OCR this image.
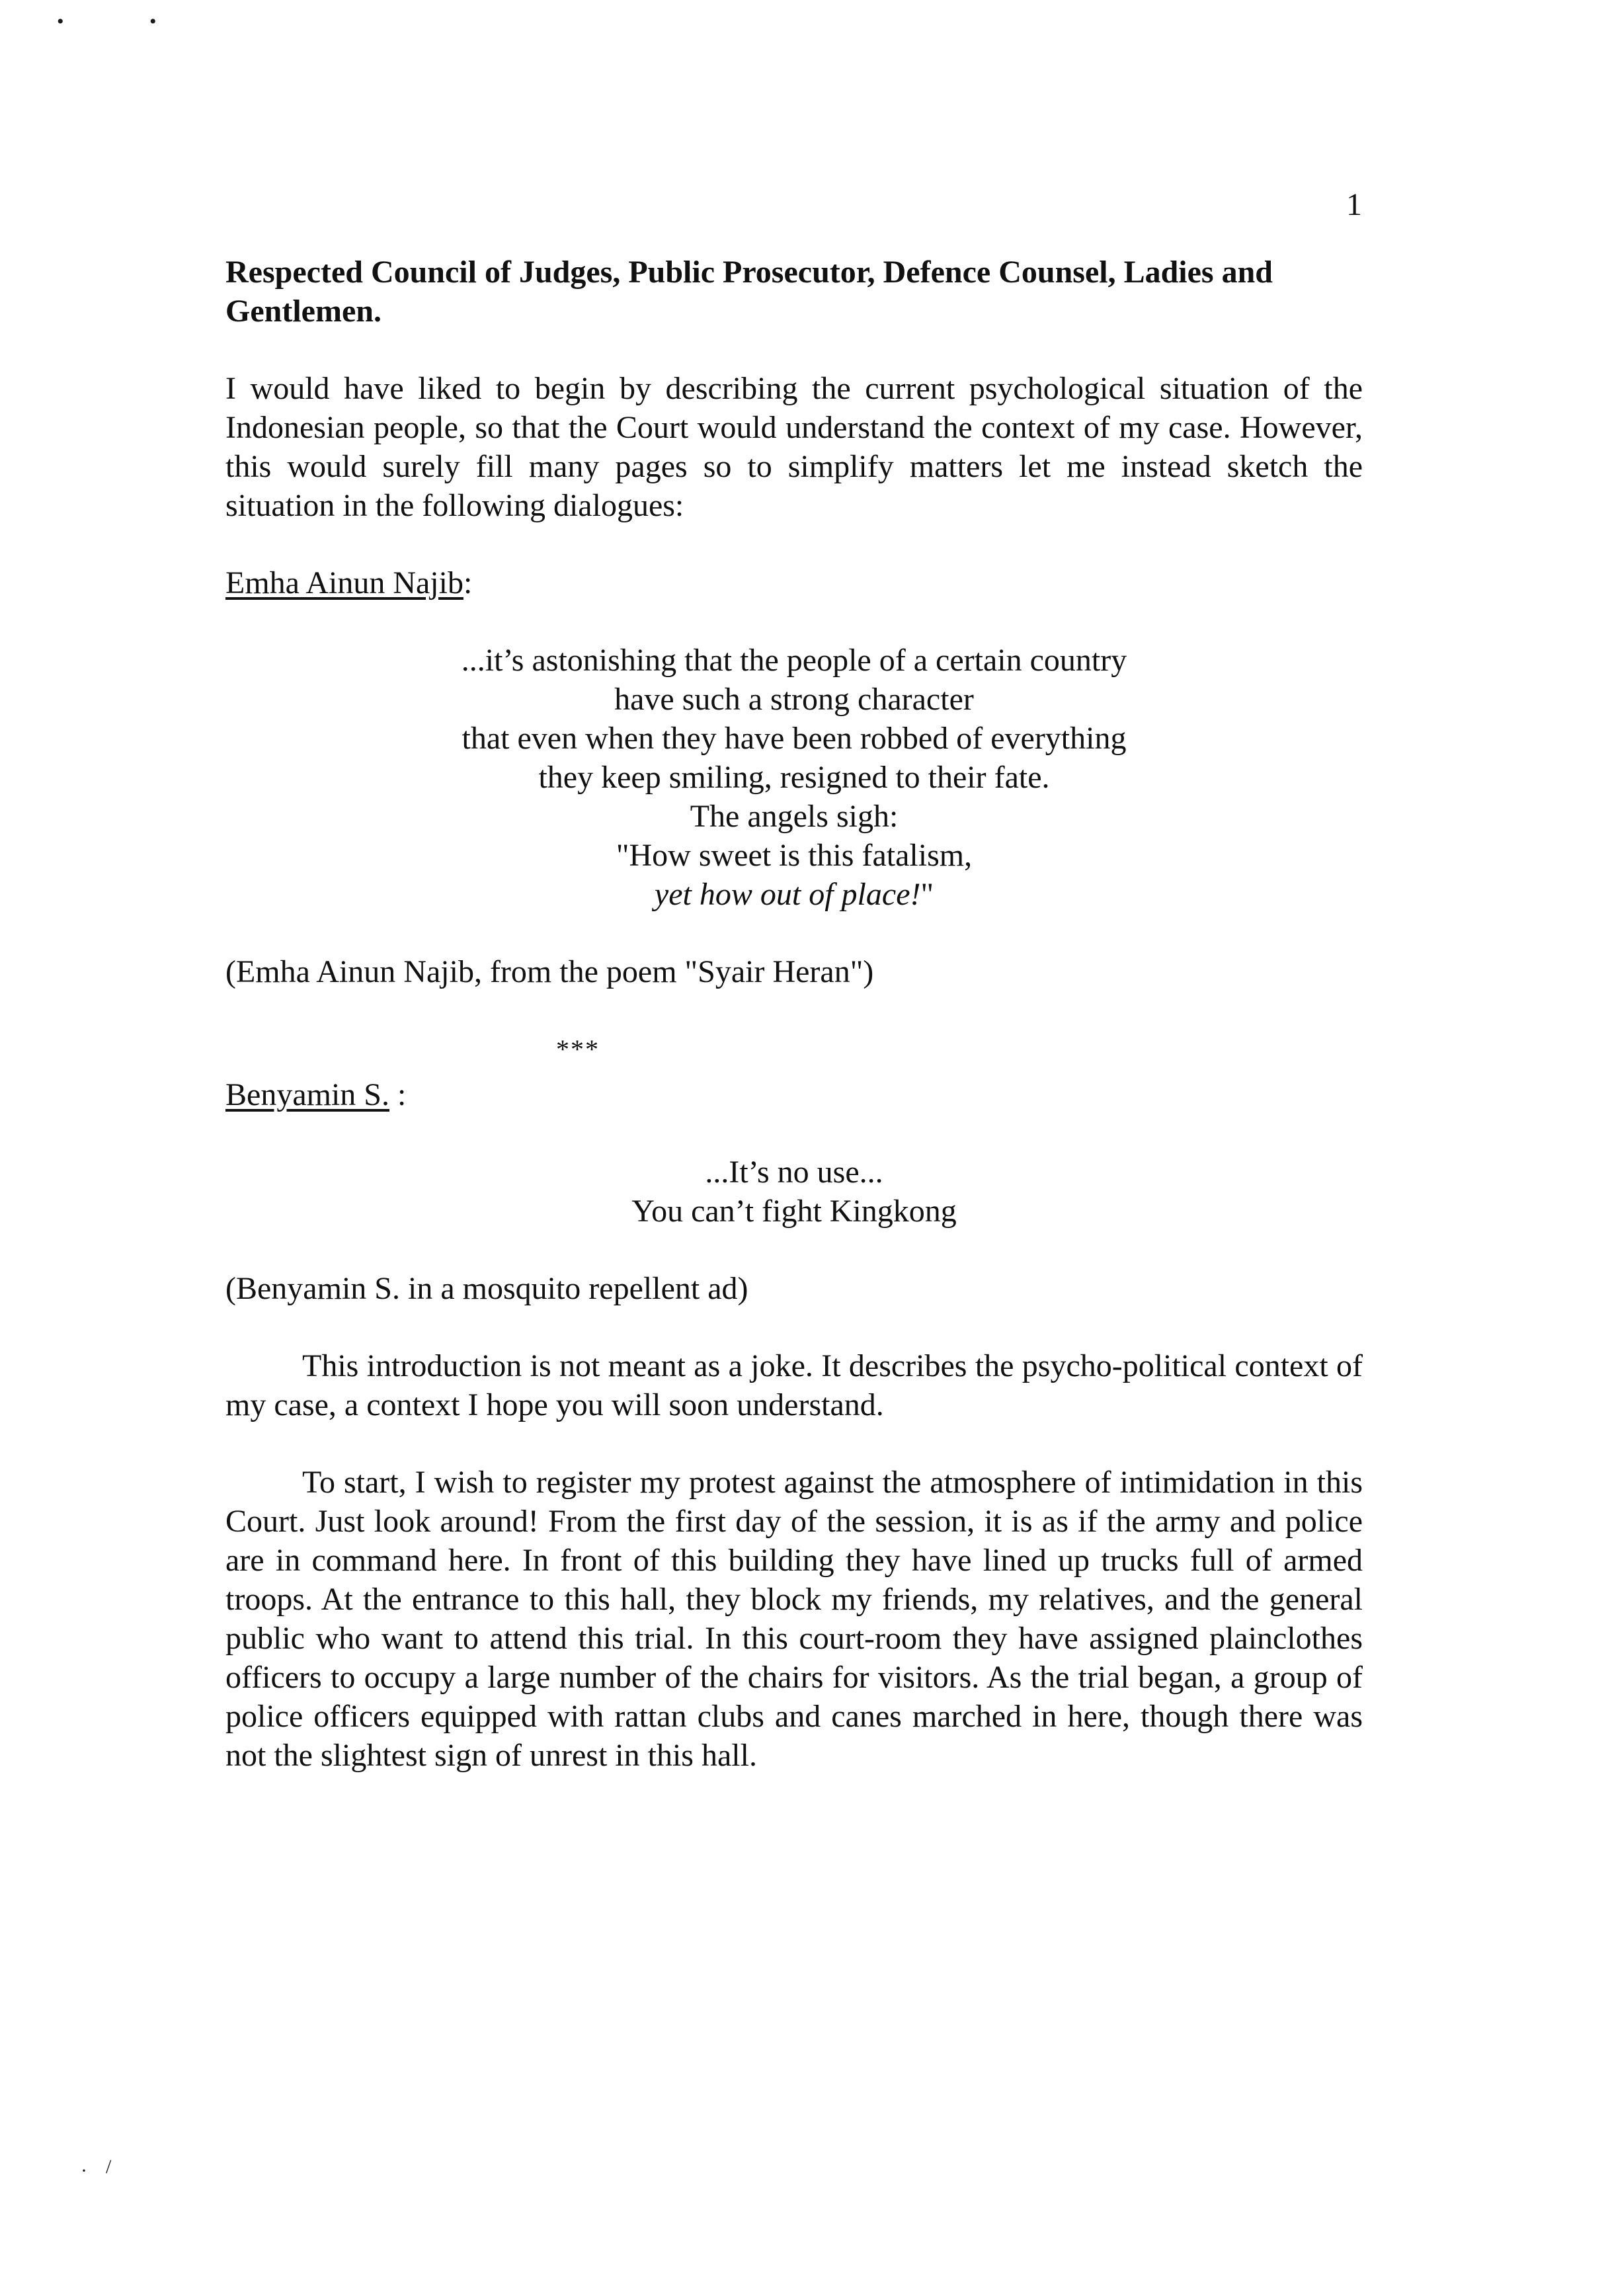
•	•
· /
1

Respected Council of Judges, Public Prosecutor, Defence Counsel, Ladies and Gentlemen.

I would have liked to begin by describing the current psychological situation of the Indonesian people, so that the Court would understand the context of my case. However, this would surely fill many pages so to simplify matters let me instead sketch the situation in the following dialogues:

Emha Ainun Najib:

...it’s astonishing that the people of a certain country
have such a strong character
that even when they have been robbed of everything
they keep smiling, resigned to their fate.
The angels sigh:
"How sweet is this fatalism,
yet how out of place!"

(Emha Ainun Najib, from the poem "Syair Heran")

***

Benyamin S. :

...It’s no use...
You can’t fight Kingkong

(Benyamin S. in a mosquito repellent ad)

This introduction is not meant as a joke. It describes the psycho-political context of my case, a context I hope you will soon understand.

To start, I wish to register my protest against the atmosphere of intimidation in this Court. Just look around! From the first day of the session, it is as if the army and police are in command here. In front of this building they have lined up trucks full of armed troops. At the entrance to this hall, they block my friends, my relatives, and the general public who want to attend this trial. In this court-room they have assigned plainclothes officers to occupy a large number of the chairs for visitors. As the trial began, a group of police officers equipped with rattan clubs and canes marched in here, though there was not the slightest sign of unrest in this hall.
